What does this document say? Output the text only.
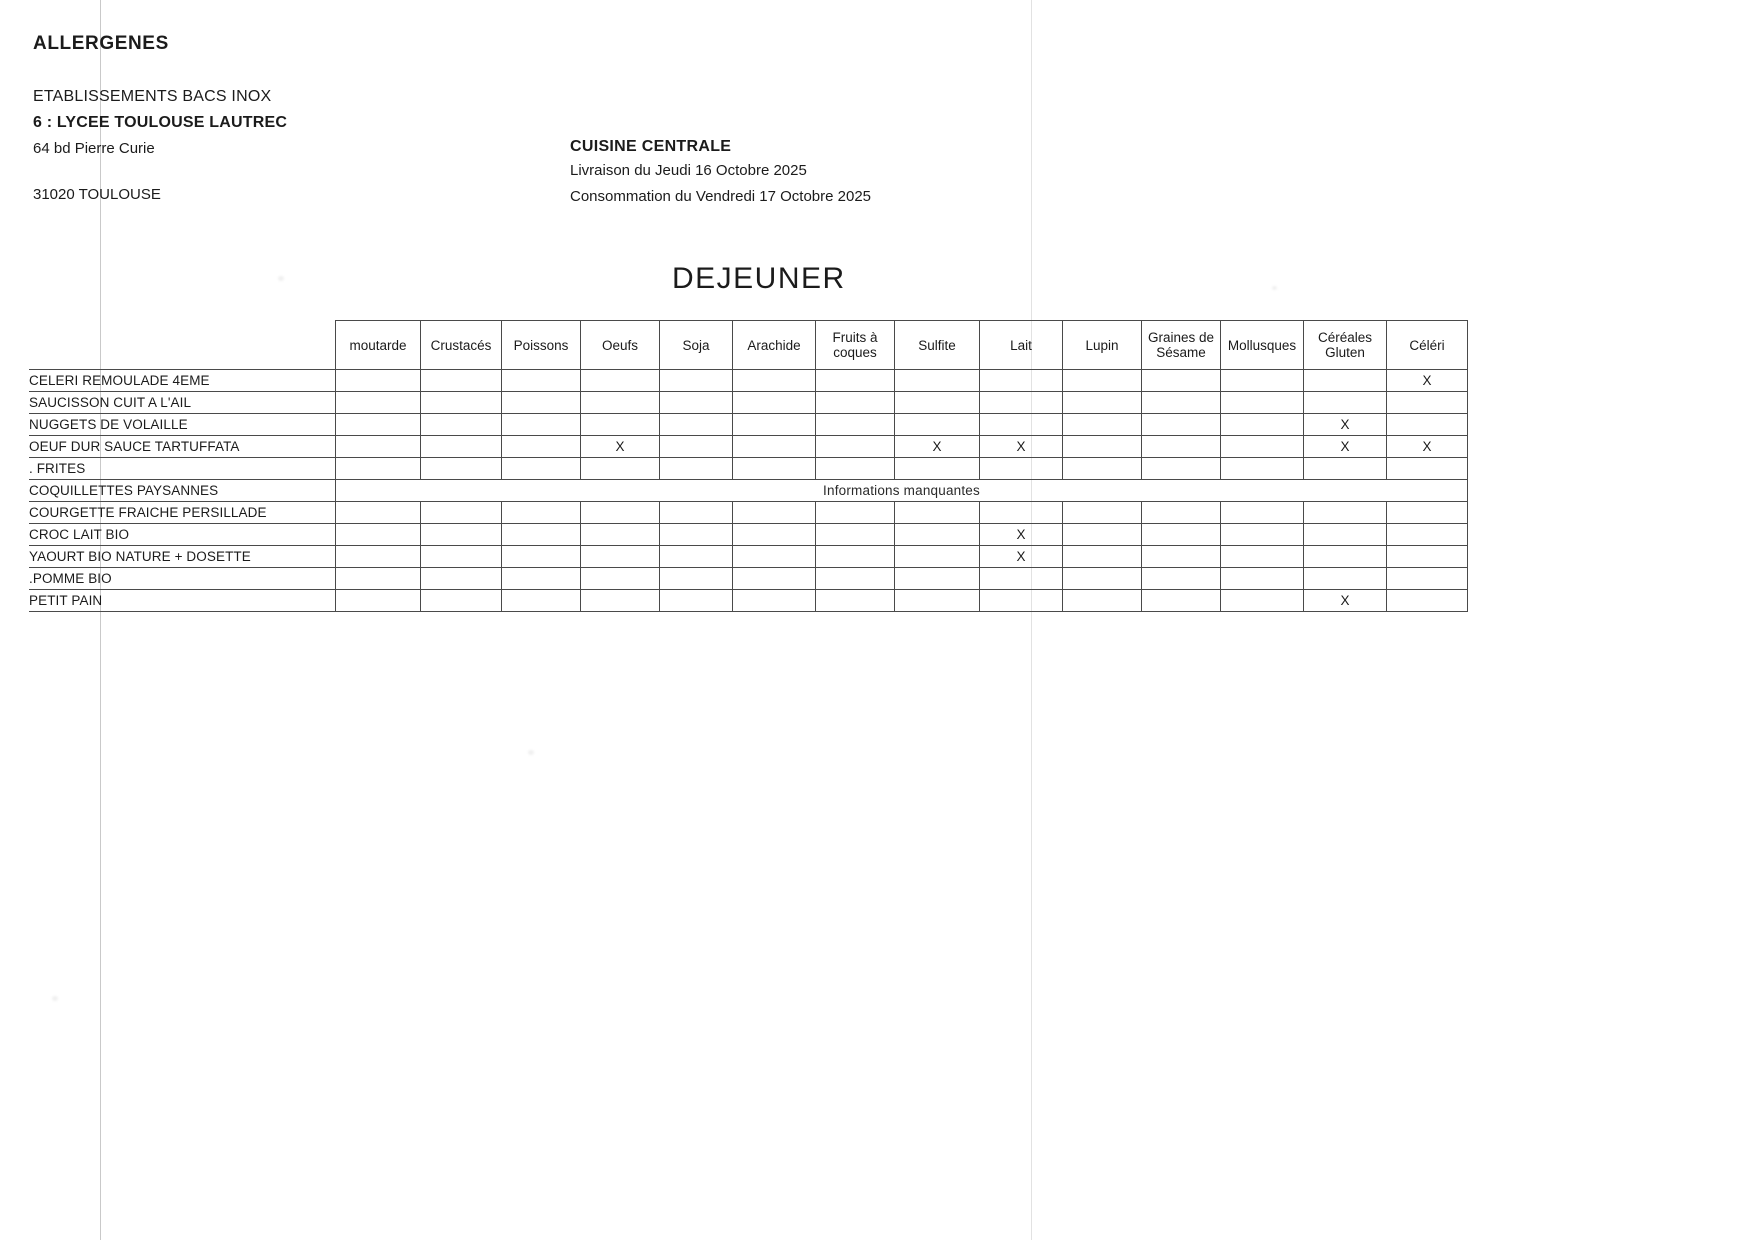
ALLERGENES
ETABLISSEMENTS BACS INOX
6 : LYCEE TOULOUSE LAUTREC
64 bd Pierre Curie
31020 TOULOUSE
CUISINE CENTRALE
Livraison du Jeudi 16 Octobre 2025
Consommation du Vendredi 17 Octobre 2025
DEJEUNER
	moutarde	Crustacés	Poissons	Oeufs	Soja	Arachide	Fruits à coques	Sulfite	Lait	Lupin	Graines de Sésame	Mollusques	Céréales Gluten	Céléri
CELERI REMOULADE 4EME														X
SAUCISSON CUIT A L'AIL														
NUGGETS DE VOLAILLE													X	
OEUF DUR SAUCE TARTUFFATA				X				X	X				X	X
. FRITES														
COQUILLETTES PAYSANNES	Informations manquantes													
COURGETTE FRAICHE PERSILLADE														
CROC LAIT BIO									X					
YAOURT BIO NATURE + DOSETTE									X					
.POMME BIO														
PETIT PAIN													X	
